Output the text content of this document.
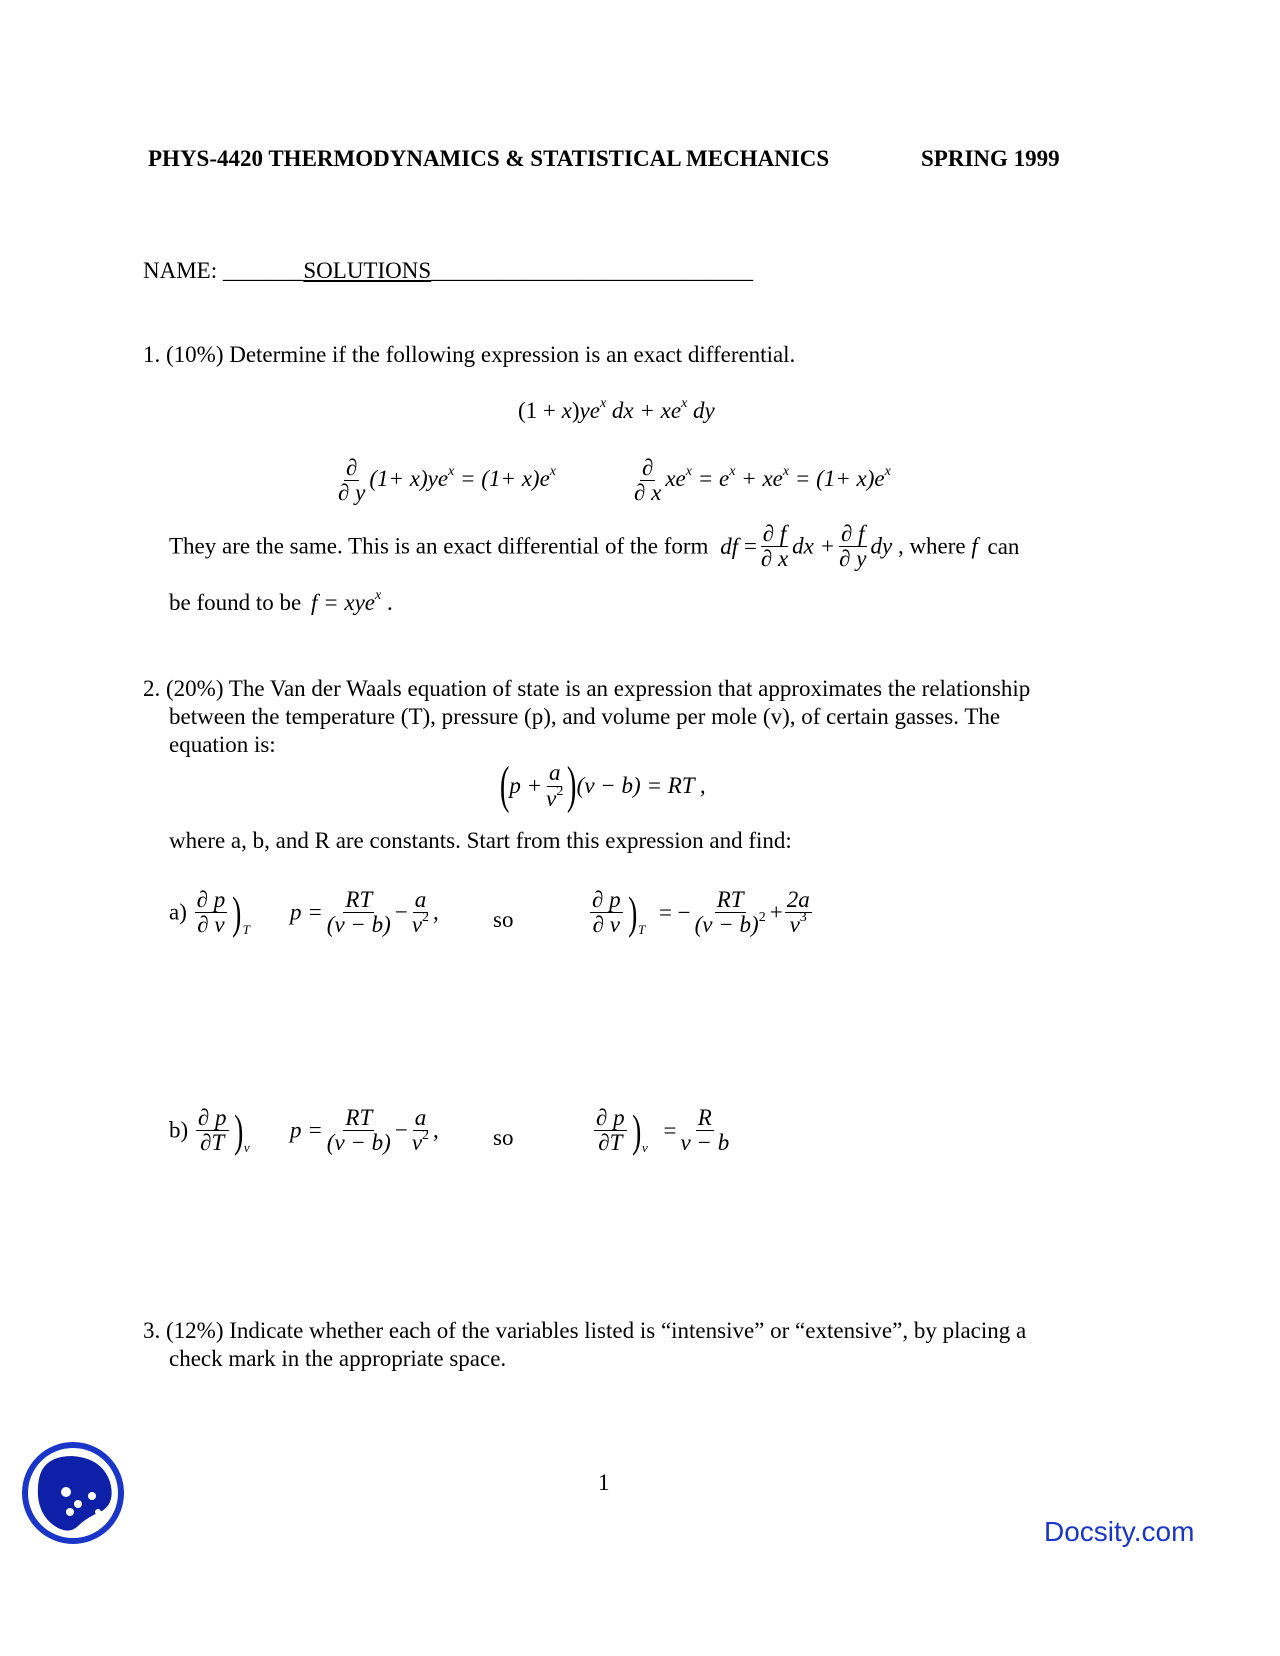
PHYS-4420 THERMODYNAMICS & STATISTICAL MECHANICS	SPRING 1999
NAME: _______SOLUTIONS____________________________
1. (10%) Determine if the following expression is an exact differential.
$(1 + x)ye^x$ dx + $xe^x$ dy
$\frac{\partial}{\partial y} (1+ x)ye^x = (1+ x)e^x$	$\frac{\partial}{\partial x} xe^x = e^x + xe^x = (1+ x)e^x$
They are the same. This is an exact differential of the form df = $\frac{\partial f}{\partial x}$ dx + $\frac{\partial f}{\partial y}$ dy , where f can
be found to be f = xye$^x$ .
2. (20%) The Van der Waals equation of state is an expression that approximates the relationship
between the temperature (T), pressure (p), and volume per mole (v), of certain gasses. The
equation is:
$(p + \frac{a}{v^2} )(v - b)$ = RT ,
where a, b, and R are constants. Start from this expression and find:
$a) \frac{\partial p}{\partial v} )_T$
$p = \frac{RT}{(v - b)} - \frac{a}{v^2}$ , so	$\frac{\partial p}{\partial v} )_T$ = − $\frac{RT}{(v - b)^2} + \frac{2a}{v^3}$
$b) \frac{\partial p}{\partial T} )_v$
$p = \frac{RT}{(v - b)} - \frac{a}{v^2}$ , so	$\frac{\partial p}{\partial T} )_v = \frac{R}{v - b}$
3. (12%) Indicate whether each of the variables listed is “intensive” or “extensive”, by placing a
check mark in the appropriate space.
1
Docsity.com
